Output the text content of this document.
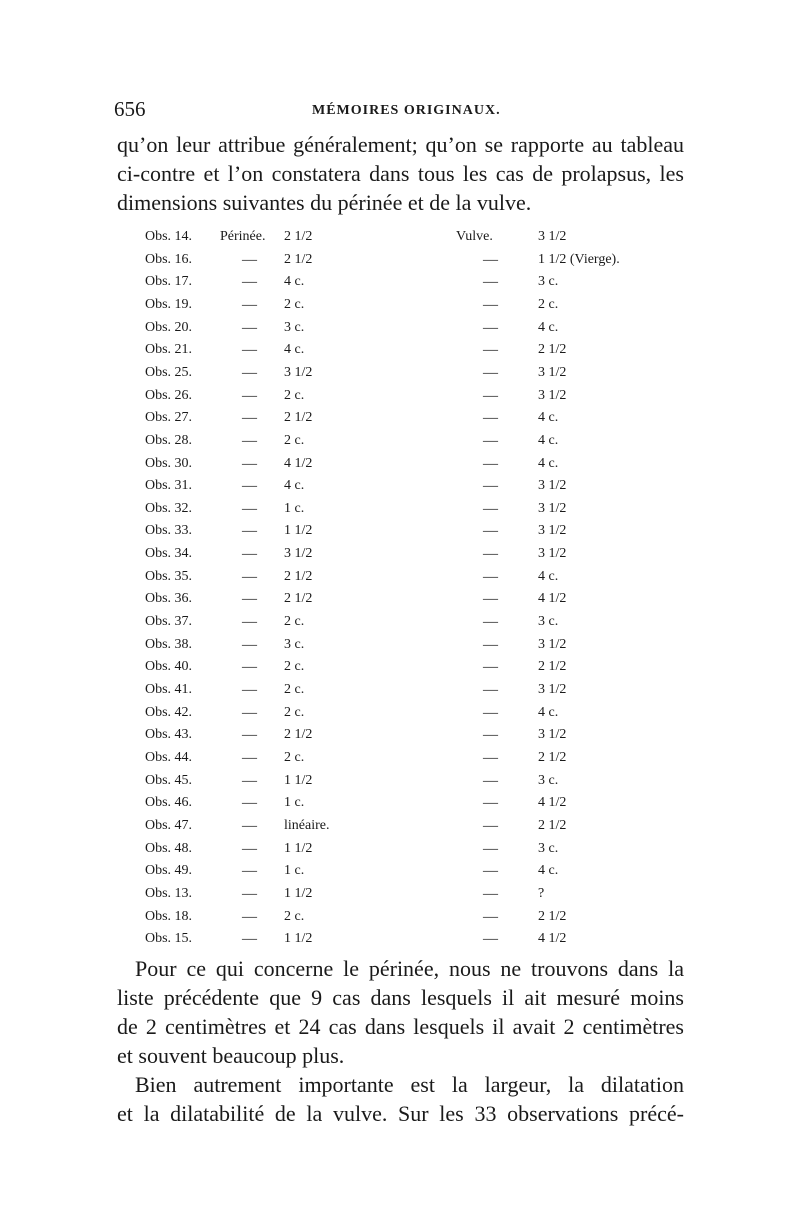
656	MÉMOIRES ORIGINAUX.

qu’on leur attribue généralement; qu’on se rapporte au tableau
ci-contre et l’on constatera dans tous les cas de prolapsus, les
dimensions suivantes du périnée et de la vulve.

Obs. 14. Périnée. 2 1/2	Vulve.	3 1/2
Obs. 16.	— 2 1/2	—	1 1/2 (Vierge).
Obs. 17.	— 4 c.	—	3 c.
Obs. 19.	— 2 c.	—	2 c.
Obs. 20.	— 3 c.	—	4 c.
Obs. 21.	— 4 c.	—	2 1/2
Obs. 25.	— 3 1/2	—	3 1/2
Obs. 26.	— 2 c.	—	3 1/2
Obs. 27.	— 2 1/2	—	4 c.
Obs. 28.	— 2 c.	—	4 c.
Obs. 30.	— 4 1/2	—	4 c.
Obs. 31.	— 4 c.	—	3 1/2
Obs. 32.	— 1 c.	—	3 1/2
Obs. 33.	— 1 1/2	—	3 1/2
Obs. 34.	— 3 1/2	—	3 1/2
Obs. 35.	— 2 1/2	—	4 c.
Obs. 36.	— 2 1/2	—	4 1/2
Obs. 37.	— 2 c.	—	3 c.
Obs. 38.	— 3 c.	—	3 1/2
Obs. 40.	— 2 c.	—	2 1/2
Obs. 41.	— 2 c.	—	3 1/2
Obs. 42.	— 2 c.	—	4 c.
Obs. 43.	— 2 1/2	—	3 1/2
Obs. 44.	— 2 c.	—	2 1/2
Obs. 45.	— 1 1/2	—	3 c.
Obs. 46.	— 1 c.	—	4 1/2
Obs. 47.	— linéaire.	—	2 1/2
Obs. 48.	— 1 1/2	—	3 c.
Obs. 49.	— 1 c.	—	4 c.
Obs. 13.	— 1 1/2	—	?
Obs. 18.	— 2 c.	—	2 1/2
Obs. 15.	— 1 1/2	—	4 1/2

Pour ce qui concerne le périnée, nous ne trouvons dans la
liste précédente que 9 cas dans lesquels il ait mesuré moins
de 2 centimètres et 24 cas dans lesquels il avait 2 centimètres
et souvent beaucoup plus.
Bien autrement importante est la largeur, la dilatation
et la dilatabilité de la vulve. Sur les 33 observations précé-
